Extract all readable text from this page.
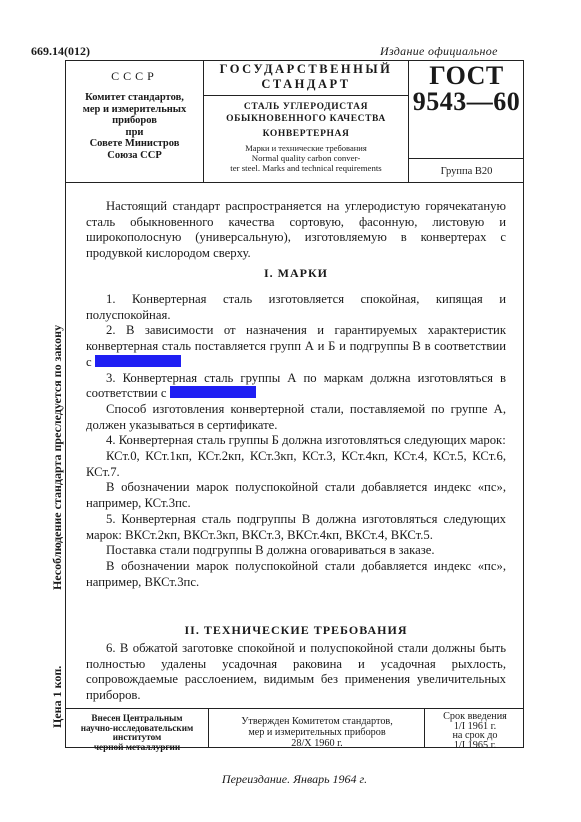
669.14(012)	Издание официальное
СССР
Комитет стандартов,
мер и измерительных
приборов
при
Совете Министров
Союза ССР
ГОСУДАРСТВЕННЫЙ
СТАНДАРТ
СТАЛЬ УГЛЕРОДИСТАЯ
ОБЫКНОВЕННОГО КАЧЕСТВА
КОНВЕРТЕРНАЯ
Марки и технические требования
Normal quality carbon conver-
ter steel. Marks and technical requirements
ГОСТ
9543—60
Группа В20

Настоящий стандарт распространяется на углеродистую горячекатаную сталь обыкновенного качества сортовую, фасонную, листовую и широкополосную (универсальную), изготовляемую в конвертерах с продувкой кислородом сверху.

I. МАРКИ

1. Конвертерная сталь изготовляется спокойная, кипящая и полуспокойная.

2. В зависимости от назначения и гарантируемых характеристик конвертерная сталь поставляется групп А и Б и подгруппы В в соответствии с

3. Конвертерная сталь группы А по маркам должна изготовляться в соответствии с

Способ изготовления конвертерной стали, поставляемой по группе А, должен указываться в сертификате.

4. Конвертерная сталь группы Б должна изготовляться следующих марок:

КСт.0, КСт.1кп, КСт.2кп, КСт.3кп, КСт.3, КСт.4кп, КСт.4, КСт.5, КСт.6, КСт.7.

В обозначении марок полуспокойной стали добавляется индекс «пс», например, КСт.3пс.

5. Конвертерная сталь подгруппы В должна изготовляться следующих марок: ВКСт.2кп, ВКСт.3кп, ВКСт.3, ВКСт.4кп, ВКСт.4, ВКСт.5.

Поставка стали подгруппы В должна оговариваться в заказе.

В обозначении марок полуспокойной стали добавляется индекс «пс», например, ВКСт.3пс.

II. ТЕХНИЧЕСКИЕ ТРЕБОВАНИЯ

6. В обжатой заготовке спокойной и полуспокойной стали должны быть полностью удалены усадочная раковина и усадочная рыхлость, сопровождаемые расслоением, видимым без применения увеличительных приборов.

Несоблюдение стандарта преследуется по закону
Цена 1 коп.	Внесен Центральным
научно-исследовательским
институтом
черной металлургии
Утвержден Комитетом стандартов,
мер и измерительных приборов
28/X 1960 г.
Срок введения
1/I 1961 г.
на срок до
1/I 1965 г.
Переиздание. Январь 1964 г.
